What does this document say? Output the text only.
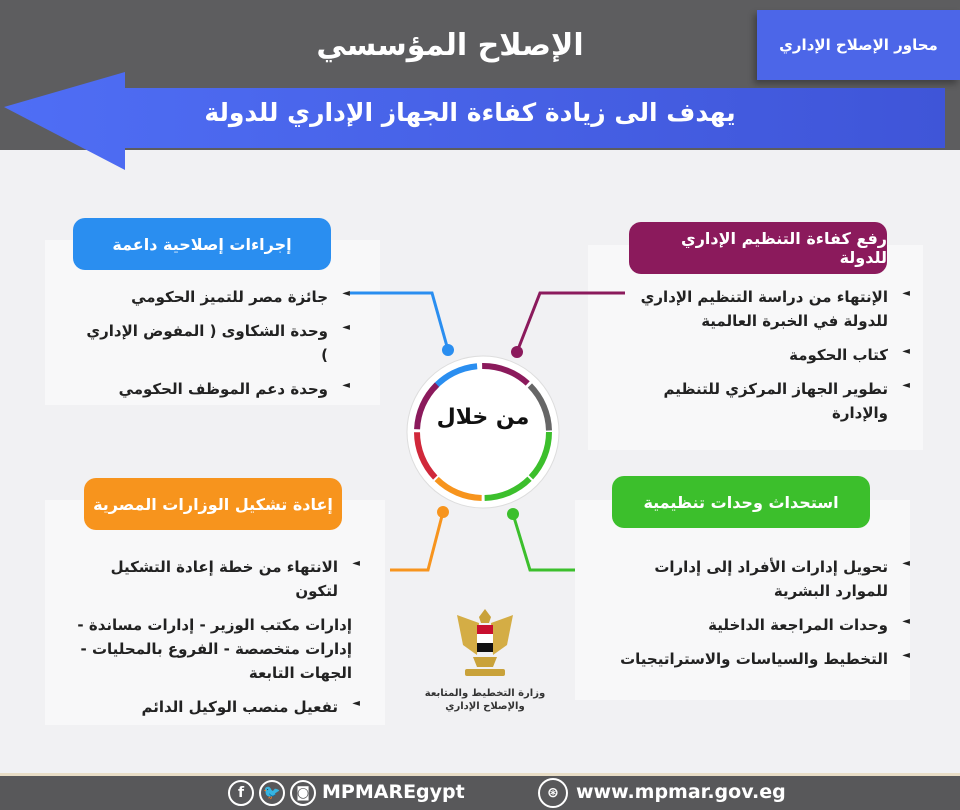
محاور الإصلاح الإداري
الإصلاح المؤسسي
يهدف الى زيادة كفاءة الجهاز الإداري للدولة
من خلال
رفع كفاءة التنظيم الإداري للدولة
◄ الإنتهاء من دراسة التنظيم الإداري للدولة في الخبرة العالمية
◄ كتاب الحكومة
◄ تطوير الجهاز المركزي للتنظيم والإدارة
إجراءات إصلاحية داعمة
◄ جائزة مصر للتميز الحكومي
◄ وحدة الشكاوى ( المفوض الإداري )
◄ وحدة دعم الموظف الحكومي
استحداث وحدات تنظيمية
◄ تحويل إدارات الأفراد إلى إدارات للموارد البشرية
◄ وحدات المراجعة الداخلية
◄ التخطيط والسياسات والاستراتيجيات
إعادة تشكيل الوزارات المصرية
◄ الانتهاء من خطة إعادة التشكيل لتكون
إدارات مكتب الوزير - إدارات مساندة - إدارات متخصصة - الفروع بالمحليات - الجهات التابعة
◄ تفعيل منصب الوكيل الدائم
وزارة التخطيط والمتابعة والإصلاح الإداري
f	🐦	◙ MPMAREgypt	⊛ www.mpmar.gov.eg
